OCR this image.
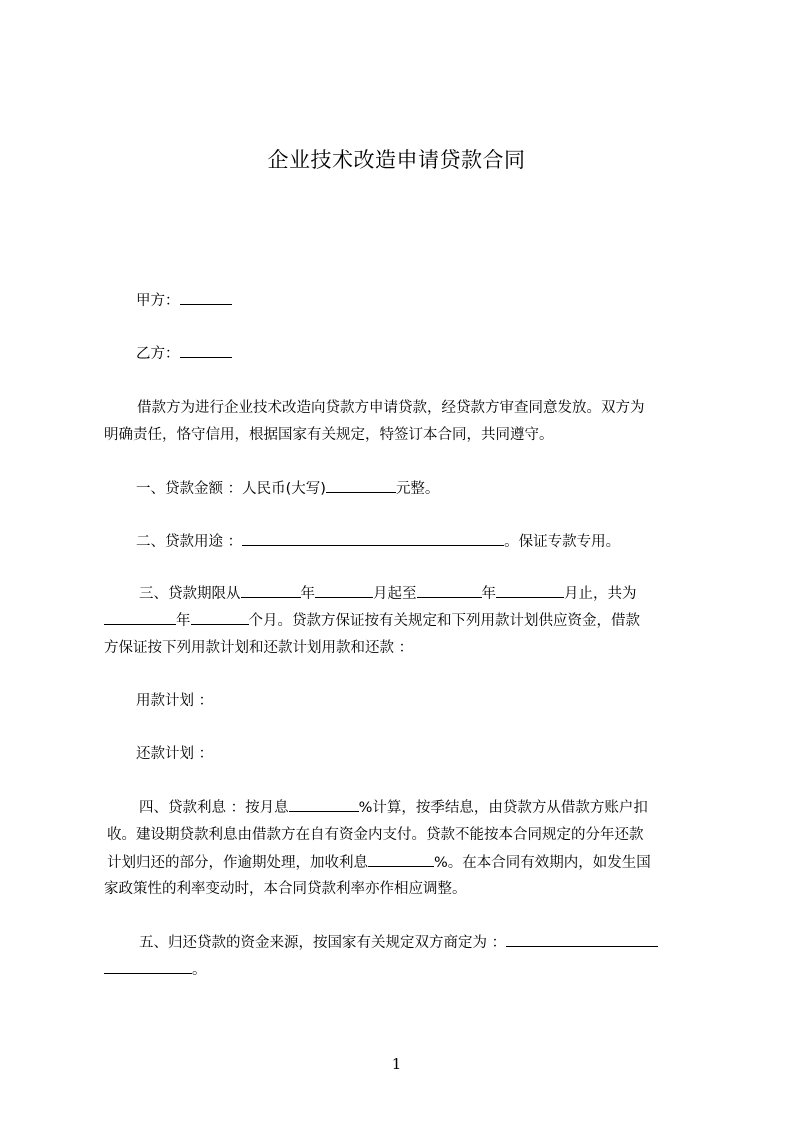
企业技术改造申请贷款合同
甲方：
乙方：
借款方为进行企业技术改造向贷款方申请贷款，经贷款方审查同意发放。双方为
明确责任，恪守信用，根据国家有关规定，特签订本合同，共同遵守。
一、贷款金额 ：人民币(大写)	元整。
二、贷款用途 ：	。保证专款专用。
三、贷款期限从	年	月起至	年	月止，共为
年	个月。贷款方保证按有关规定和下列用款计划供应资金，借款
方保证按下列用款计划和还款计划用款和还款 ：
用款计划 ：
还款计划 ：
四、贷款利息 ：按月息	%计算，按季结息，由贷款方从借款方账户扣
收。建设期贷款利息由借款方在自有资金内支付。贷款不能按本合同规定的分年还款
计划归还的部分，作逾期处理，加收利息	%。在本合同有效期内，如发生国
家政策性的利率变动时，本合同贷款利率亦作相应调整。
五、归还贷款的资金来源，按国家有关规定双方商定为 ：
。
1
